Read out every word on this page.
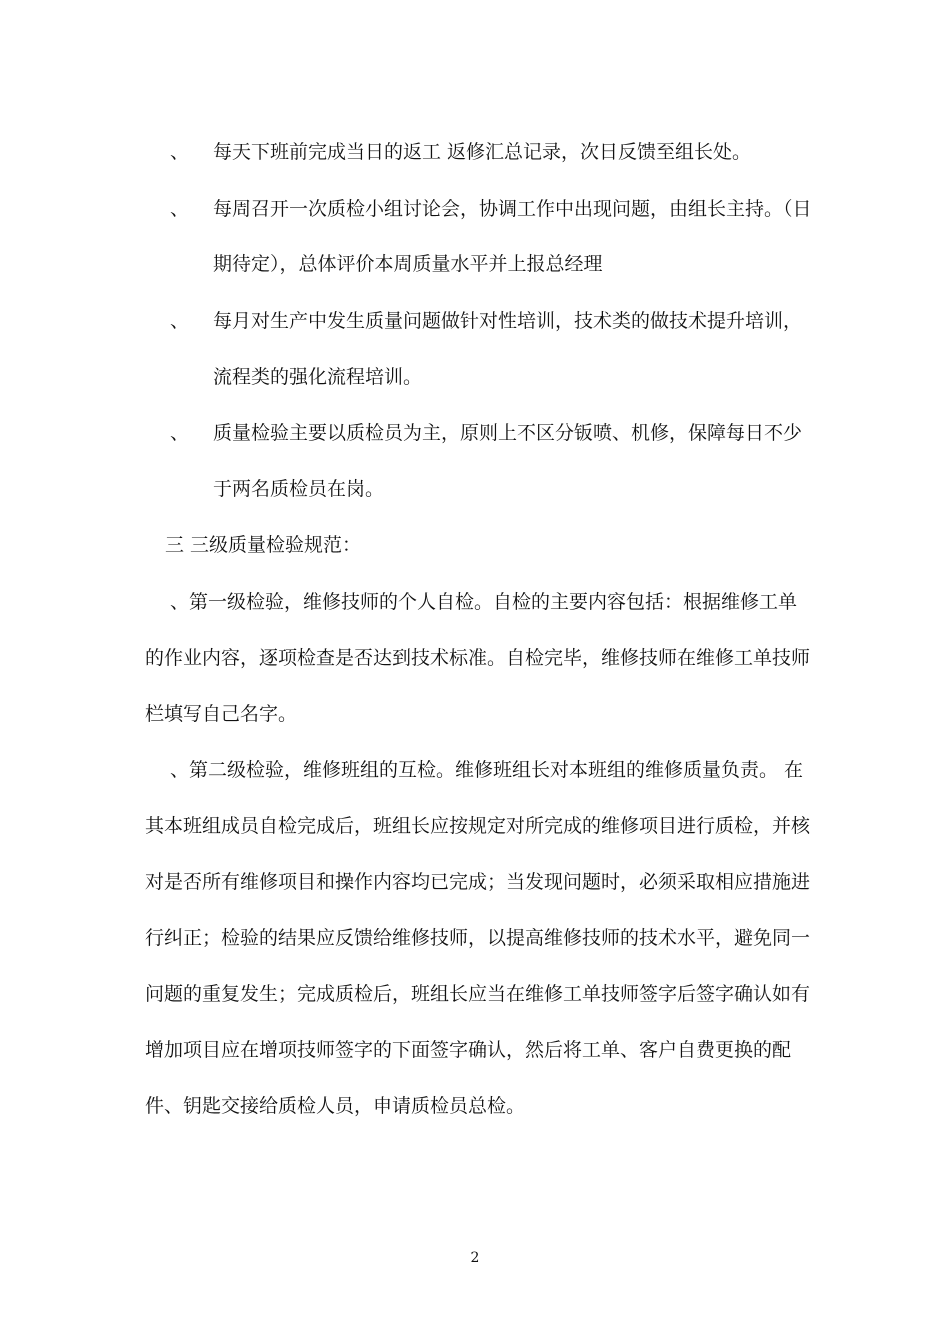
、 每天下班前完成当日的返工 返修汇总记录，次日反馈至组长处。
、 每周召开一次质检小组讨论会，协调工作中出现问题，由组长主持。（日
期待定），总体评价本周质量水平并上报总经理
、 每月对生产中发生质量问题做针对性培训，技术类的做技术提升培训，
流程类的强化流程培训。
、 质量检验主要以质检员为主，原则上不区分钣喷、机修，保障每日不少
于两名质检员在岗。
三 三级质量检验规范：
、第一级检验，维修技师的个人自检。自检的主要内容包括：根据维修工单
的作业内容，逐项检查是否达到技术标准。自检完毕，维修技师在维修工单技师
栏填写自己名字。
、第二级检验，维修班组的互检。维修班组长对本班组的维修质量负责。 在
其本班组成员自检完成后，班组长应按规定对所完成的维修项目进行质检，并核
对是否所有维修项目和操作内容均已完成；当发现问题时，必须采取相应措施进
行纠正；检验的结果应反馈给维修技师，以提高维修技师的技术水平，避免同一
问题的重复发生；完成质检后，班组长应当在维修工单技师签字后签字确认如有
增加项目应在增项技师签字的下面签字确认，然后将工单、客户自费更换的配
件、钥匙交接给质检人员，申请质检员总检。
2
